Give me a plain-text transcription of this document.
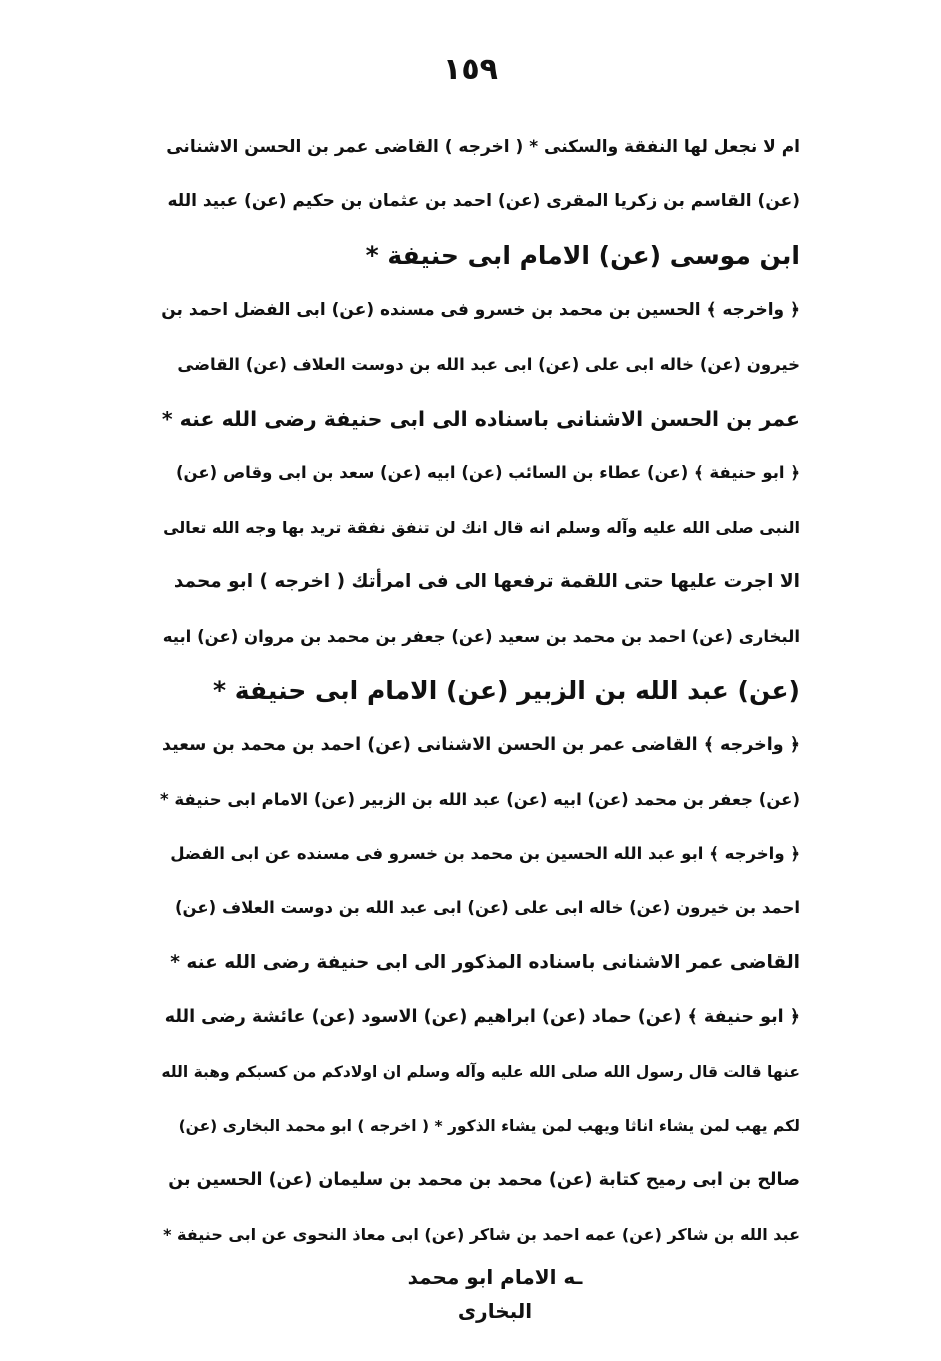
١٥٩
ام لا نجعل لها النفقة والسكنى * ( اخرجه ) القاضى عمر بن الحسن الاشنانى
(عن) القاسم بن زكريا المقرى (عن) احمد بن عثمان بن حكيم (عن) عبيد الله
ابن موسى (عن) الامام ابى حنيفة *
﴿ واخرجه ﴾ الحسين بن محمد بن خسرو فى مسنده (عن) ابى الفضل احمد بن
خيرون (عن) خاله ابى على (عن) ابى عبد الله بن دوست العلاف (عن) القاضى
عمر بن الحسن الاشنانى باسناده الى ابى حنيفة رضى الله عنه *
﴿ ابو حنيفة ﴾ (عن) عطاء بن السائب (عن) ابيه (عن) سعد بن ابى وقاص (عن)
النبى صلى الله عليه وآله وسلم انه قال انك لن تنفق نفقة تريد بها وجه الله تعالى
الا اجرت عليها حتى اللقمة ترفعها الى فى امرأتك ( اخرجه ) ابو محمد
البخارى (عن) احمد بن محمد بن سعيد (عن) جعفر بن محمد بن مروان (عن) ابيه
(عن) عبد الله بن الزبير (عن) الامام ابى حنيفة *
﴿ واخرجه ﴾ القاضى عمر بن الحسن الاشنانى (عن) احمد بن محمد بن سعيد
(عن) جعفر بن محمد (عن) ابيه (عن) عبد الله بن الزبير (عن) الامام ابى حنيفة *
﴿ واخرجه ﴾ ابو عبد الله الحسين بن محمد بن خسرو فى مسنده عن ابى الفضل
احمد بن خيرون (عن) خاله ابى على (عن) ابى عبد الله بن دوست العلاف (عن)
القاضى عمر الاشنانى باسناده المذكور الى ابى حنيفة رضى الله عنه *
﴿ ابو حنيفة ﴾ (عن) حماد (عن) ابراهيم (عن) الاسود (عن) عائشة رضى الله
عنها قالت قال رسول الله صلى الله عليه وآله وسلم ان اولادكم من كسبكم وهبة الله
لكم يهب لمن يشاء اناثا ويهب لمن يشاء الذكور * ( اخرجه ) ابو محمد البخارى (عن)
صالح بن ابى رميح كتابة (عن) محمد بن محمد بن سليمان (عن) الحسين بن
عبد الله بن شاكر (عن) عمه احمد بن شاكر (عن) ابى معاذ النحوى عن ابى حنيفة *
ـه الامام ابو محمد البخارى
